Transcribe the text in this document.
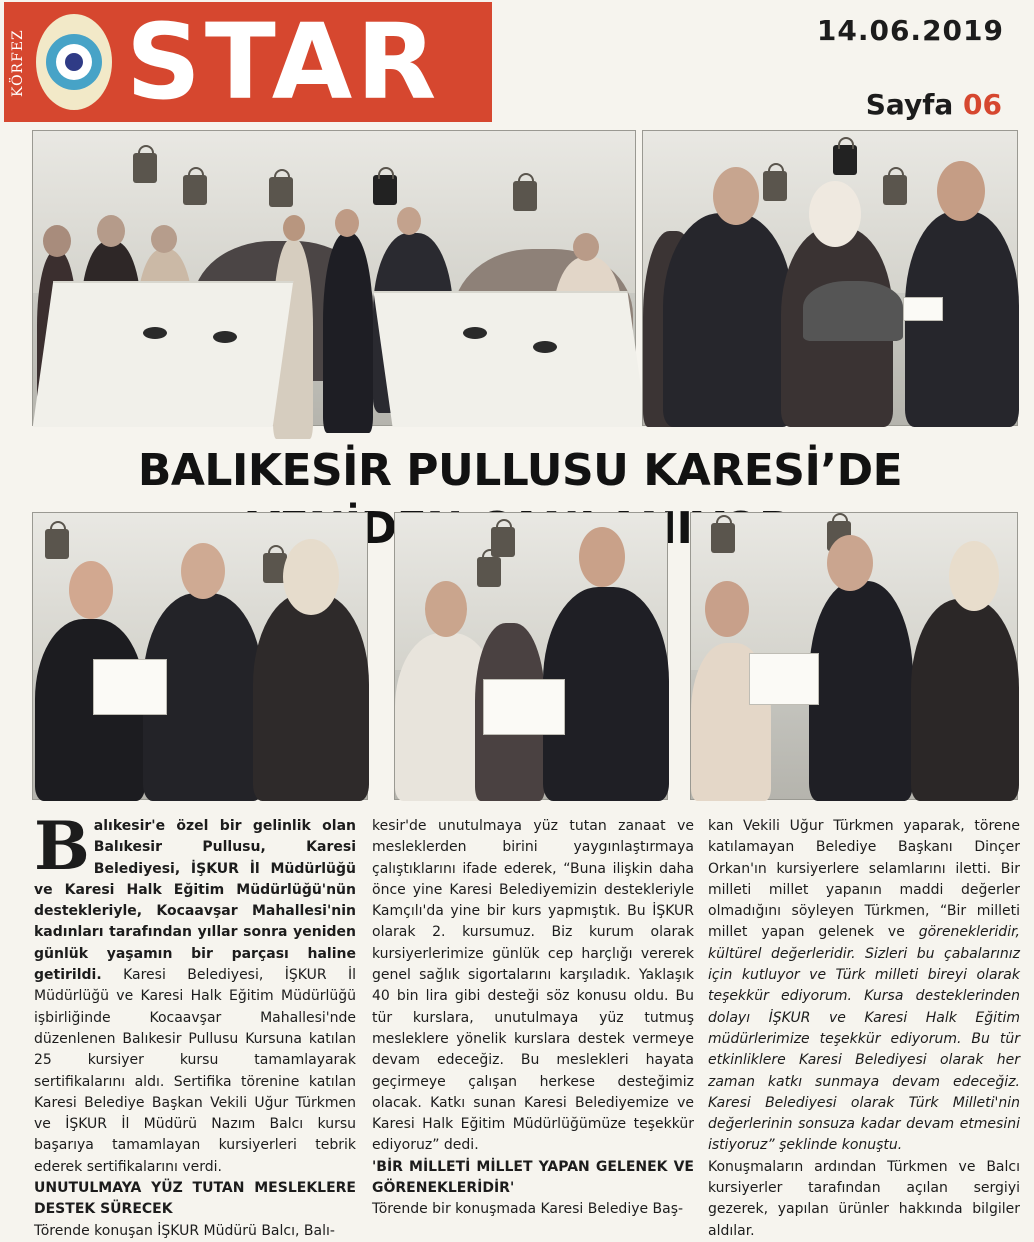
KÖRFEZ STAR	14.06.2019
Sayfa 06
BALIKESİR PULLUSU KARESİ’DE
B alıkesir'e özel bir gelinlik olan Balıkesir Pullusu, Karesi Belediyesi, İŞKUR İl Müdürlüğü ve Karesi Halk Eğitim Müdürlüğü'nün destekleriyle, Kocaavşar Mahallesi'nin kadınları tarafından yıllar sonra yeniden günlük yaşamın bir parçası haline getirildi. Karesi Belediyesi, İŞKUR İl Müdürlüğü ve Karesi Halk Eğitim Müdürlüğü işbirliğinde Kocaavşar Mahallesi'nde düzenlenen Balıkesir Pullusu Kursuna katılan 25 kursiyer kursu tamamlayarak sertifikalarını aldı. Sertifika törenine katılan Karesi Belediye Başkan Vekili Uğur Türkmen ve İŞKUR İl Müdürü Nazım Balcı kursu başarıya tamamlayan kursiyerleri tebrik ederek sertifikalarını verdi.

UNUTULMAYA YÜZ TUTAN MESLEKLERE DESTEK SÜRECEK

Törende konuşan İŞKUR Müdürü Balcı, Balı-

kesir'de unutulmaya yüz tutan zanaat ve mesleklerden birini yaygınlaştırmaya çalıştıklarını ifade ederek, “Buna ilişkin daha önce yine Karesi Belediyemizin destekleriyle Kamçılı'da yine bir kurs yapmıştık. Bu İŞKUR olarak 2. kursumuz. Biz kurum olarak kursiyerlerimize günlük cep harçlığı vererek genel sağlık sigortalarını karşıladık. Yaklaşık 40 bin lira gibi desteği söz konusu oldu. Bu tür kurslara, unutulmaya yüz tutmuş mesleklere yönelik kurslara destek vermeye devam edeceğiz. Bu meslekleri hayata geçirmeye çalışan herkese desteğimiz olacak. Katkı sunan Karesi Belediyemize ve Karesi Halk Eğitim Müdürlüğümüze teşekkür ediyoruz” dedi.

'BİR MİLLETİ MİLLET YAPAN GELENEK VE GÖRENEKLERİDİR'

Törende bir konuşmada Karesi Belediye Baş-

kan Vekili Uğur Türkmen yaparak, törene katılamayan Belediye Başkanı Dinçer Orkan'ın kursiyerlere selamlarını iletti. Bir milleti millet yapanın maddi değerler olmadığını söyleyen Türkmen, “Bir milleti millet yapan gelenek ve görenekleridir, kültürel değerleridir. Sizleri bu çabalarınız için kutluyor ve Türk milleti bireyi olarak teşekkür ediyorum. Kursa desteklerinden dolayı İŞKUR ve Karesi Halk Eğitim müdürlerimize teşekkür ediyorum. Bu tür etkinliklere Karesi Belediyesi olarak her zaman katkı sunmaya devam edeceğiz. Karesi Belediyesi olarak Türk Milleti'nin değerlerinin sonsuza kadar devam etmesini istiyoruz” şeklinde konuştu.

Konuşmaların ardından Türkmen ve Balcı kursiyerler tarafından açılan sergiyi gezerek, yapılan ürünler hakkında bilgiler aldılar.
